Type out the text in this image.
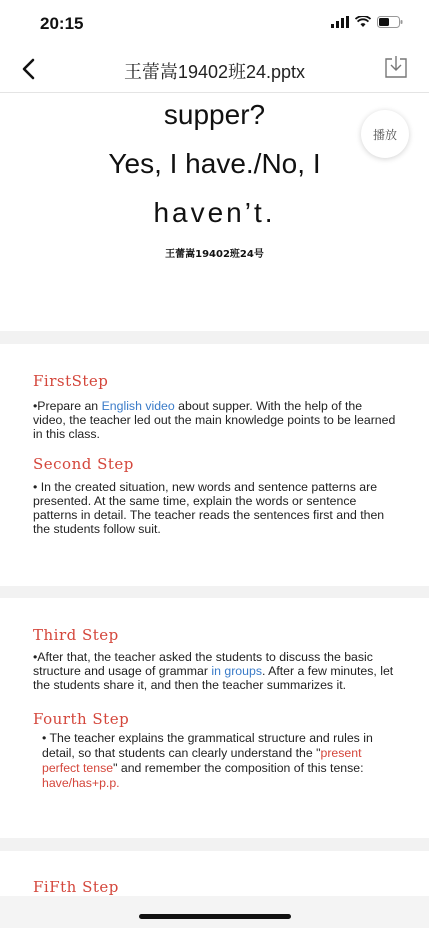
20:15
王蕾嵩19402班24.pptx
supper?
Yes, I have./No, I
haven’t.
王蕾嵩19402班24号
播放
FirstStep
•Prepare an English video about supper. With the help of the video, the teacher led out the main knowledge points to be learned in this class.
Second Step
• In the created situation, new words and sentence patterns are presented. At the same time, explain the words or sentence patterns in detail. The teacher reads the sentences first and then the students follow suit.
Third Step
•After that, the teacher asked the students to discuss the basic structure and usage of grammar in groups. After a few minutes, let the students share it, and then the teacher summarizes it.
Fourth Step
• The teacher explains the grammatical structure and rules in detail, so that students can clearly understand the "present perfect tense" and remember the composition of this tense: have/has+p.p.
FiFth Step
